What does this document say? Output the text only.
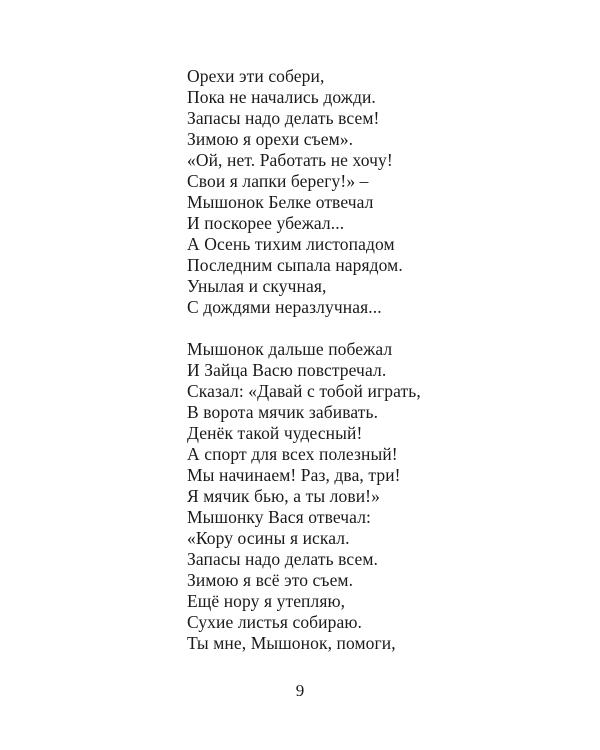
Орехи эти собери,
Пока не начались дожди.
Запасы надо делать всем!
Зимою я орехи съем».
«Ой, нет. Работать не хочу!
Свои я лапки берегу!» –
Мышонок Белке отвечал
И поскорее убежал...
А Осень тихим листопадом
Последним сыпала нарядом.
Унылая и скучная,
С дождями неразлучная...
Мышонок дальше побежал
И Зайца Васю повстречал.
Сказал: «Давай с тобой играть,
В ворота мячик забивать.
Денёк такой чудесный!
А спорт для всех полезный!
Мы начинаем! Раз, два, три!
Я мячик бью, а ты лови!»
Мышонку Вася отвечал:
«Кору осины я искал.
Запасы надо делать всем.
Зимою я всё это съем.
Ещё нору я утепляю,
Сухие листья собираю.
Ты мне, Мышонок, помоги,
9
